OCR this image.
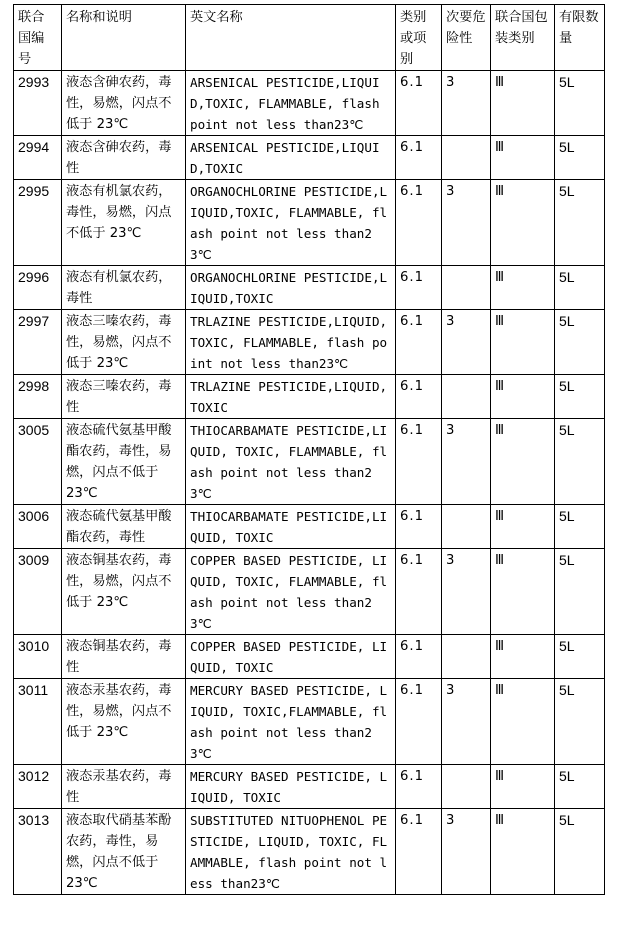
联合国编号	名称和说明	英文名称	类别或项别	次要危险性	联合国包装类别	有限数量
2993	液态含砷农药，毒性，易燃，闪点不低于 23℃	ARSENICAL PESTICIDE,LIQUID,TOXIC, FLAMMABLE, flash point not less than23℃	6.1	3	Ⅲ	5L
2994	液态含砷农药，毒性	ARSENICAL PESTICIDE,LIQUID,TOXIC	6.1		Ⅲ	5L
2995	液态有机氯农药，毒性，易燃，闪点不低于 23℃	ORGANOCHLORINE PESTICIDE,LIQUID,TOXIC, FLAMMABLE, flash point not less than23℃	6.1	3	Ⅲ	5L
2996	液态有机氯农药，毒性	ORGANOCHLORINE PESTICIDE,LIQUID,TOXIC	6.1		Ⅲ	5L
2997	液态三嗪农药，毒性，易燃，闪点不低于 23℃	TRLAZINE PESTICIDE,LIQUID,TOXIC, FLAMMABLE, flash point not less than23℃	6.1	3	Ⅲ	5L
2998	液态三嗪农药，毒性	TRLAZINE PESTICIDE,LIQUID,TOXIC	6.1		Ⅲ	5L
3005	液态硫代氨基甲酸酯农药，毒性，易燃，闪点不低于 23℃	THIOCARBAMATE PESTICIDE,LIQUID, TOXIC, FLAMMABLE, flash point not less than23℃	6.1	3	Ⅲ	5L
3006	液态硫代氨基甲酸酯农药，毒性	THIOCARBAMATE PESTICIDE,LIQUID, TOXIC	6.1		Ⅲ	5L
3009	液态铜基农药，毒性，易燃，闪点不低于 23℃	COPPER BASED PESTICIDE, LIQUID, TOXIC, FLAMMABLE, flash point not less than23℃	6.1	3	Ⅲ	5L
3010	液态铜基农药，毒性	COPPER BASED PESTICIDE, LIQUID, TOXIC	6.1		Ⅲ	5L
3011	液态汞基农药，毒性，易燃，闪点不低于 23℃	MERCURY BASED PESTICIDE, LIQUID, TOXIC,FLAMMABLE, flash point not less than23℃	6.1	3	Ⅲ	5L
3012	液态汞基农药，毒性	MERCURY BASED PESTICIDE, LIQUID, TOXIC	6.1		Ⅲ	5L
3013	液态取代硝基苯酚农药，毒性，易燃，闪点不低于 23℃	SUBSTITUTED NITUOPHENOL PESTICIDE, LIQUID, TOXIC, FLAMMABLE, flash point not less than23℃	6.1	3	Ⅲ	5L
